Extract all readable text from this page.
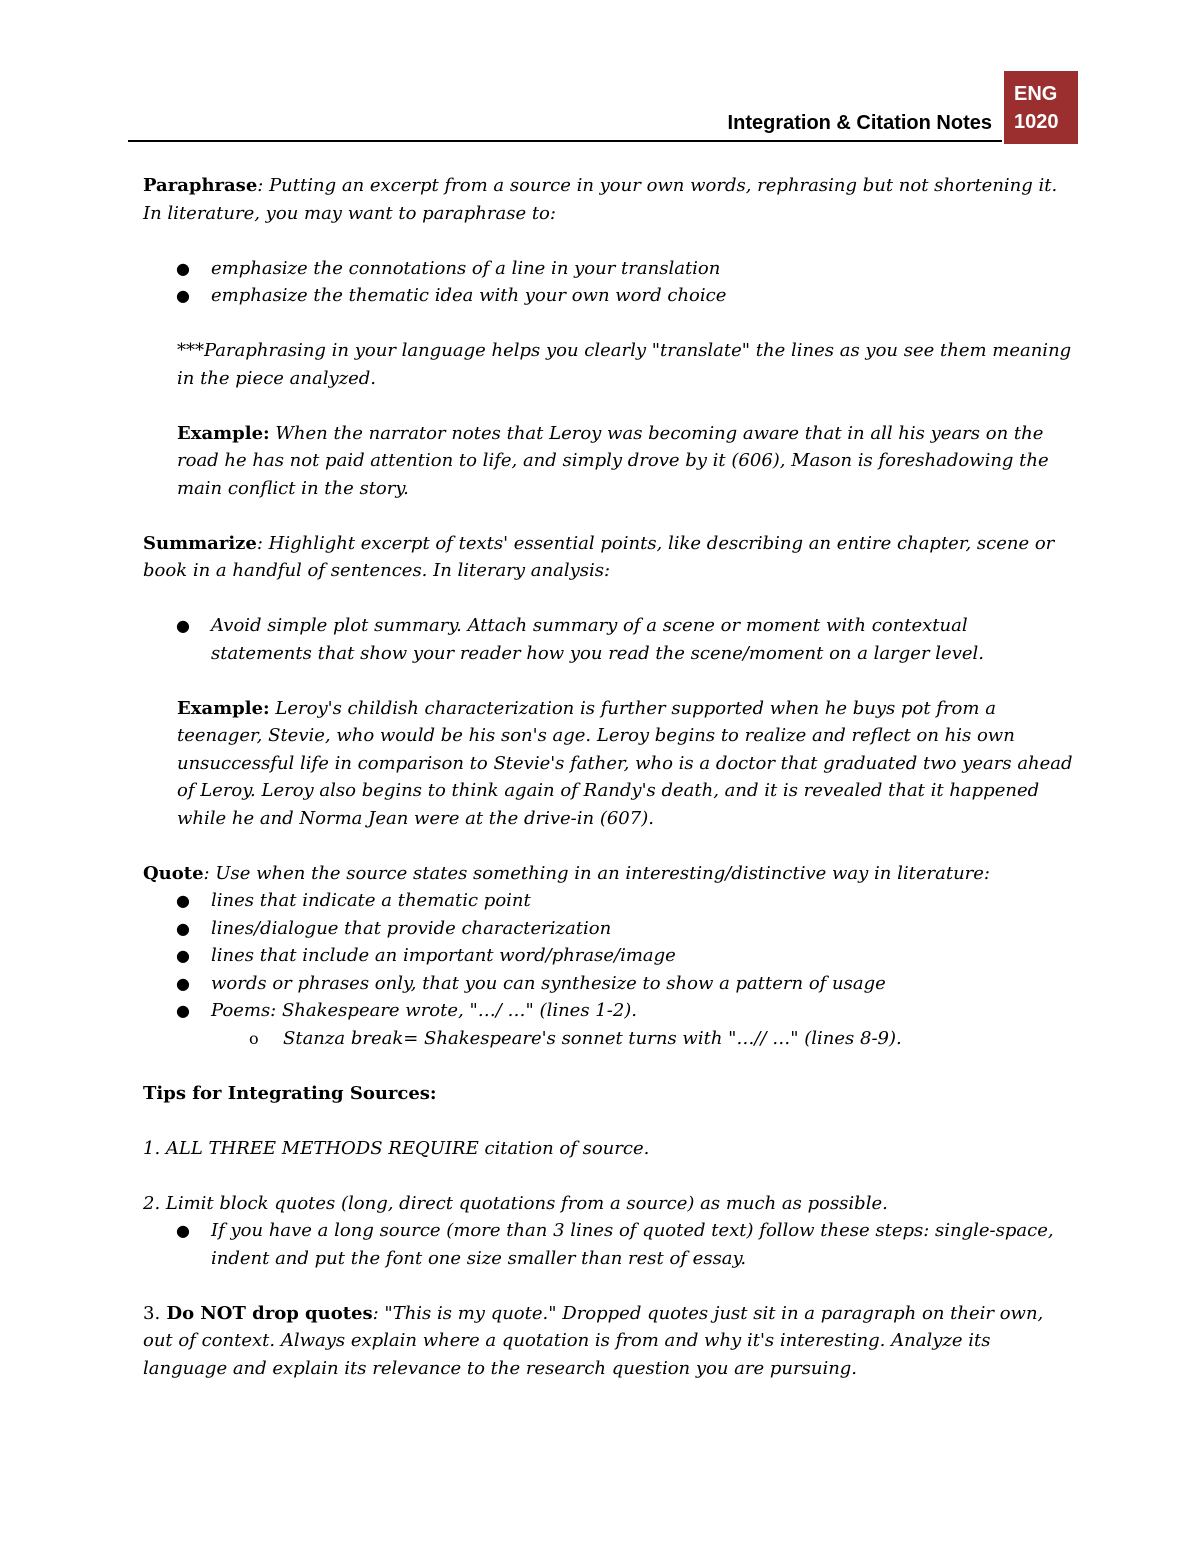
Integration & Citation Notes
ENG
1020

Paraphrase: Putting an excerpt from a source in your own words, rephrasing but not shortening it. In literature, you may want to paraphrase to:

● emphasize the connotations of a line in your translation
● emphasize the thematic idea with your own word choice

***Paraphrasing in your language helps you clearly "translate" the lines as you see them meaning in the piece analyzed.

Example: When the narrator notes that Leroy was becoming aware that in all his years on the road he has not paid attention to life, and simply drove by it (606), Mason is foreshadowing the main conflict in the story.

Summarize: Highlight excerpt of texts' essential points, like describing an entire chapter, scene or book in a handful of sentences. In literary analysis:

● Avoid simple plot summary. Attach summary of a scene or moment with contextual statements that show your reader how you read the scene/moment on a larger level.

Example: Leroy's childish characterization is further supported when he buys pot from a teenager, Stevie, who would be his son's age. Leroy begins to realize and reflect on his own unsuccessful life in comparison to Stevie's father, who is a doctor that graduated two years ahead of Leroy. Leroy also begins to think again of Randy's death, and it is revealed that it happened while he and Norma Jean were at the drive-in (607).

Quote: Use when the source states something in an interesting/distinctive way in literature:

● lines that indicate a thematic point
● lines/dialogue that provide characterization
● lines that include an important word/phrase/image
● words or phrases only, that you can synthesize to show a pattern of usage
● Poems: Shakespeare wrote, "…/ …" (lines 1-2).
o Stanza break= Shakespeare's sonnet turns with "…// …" (lines 8-9).

Tips for Integrating Sources:

1. ALL THREE METHODS REQUIRE citation of source.

2. Limit block quotes (long, direct quotations from a source) as much as possible.

● If you have a long source (more than 3 lines of quoted text) follow these steps: single-space, indent and put the font one size smaller than rest of essay.

3. Do NOT drop quotes: "This is my quote." Dropped quotes just sit in a paragraph on their own, out of context. Always explain where a quotation is from and why it's interesting. Analyze its language and explain its relevance to the research question you are pursuing.
